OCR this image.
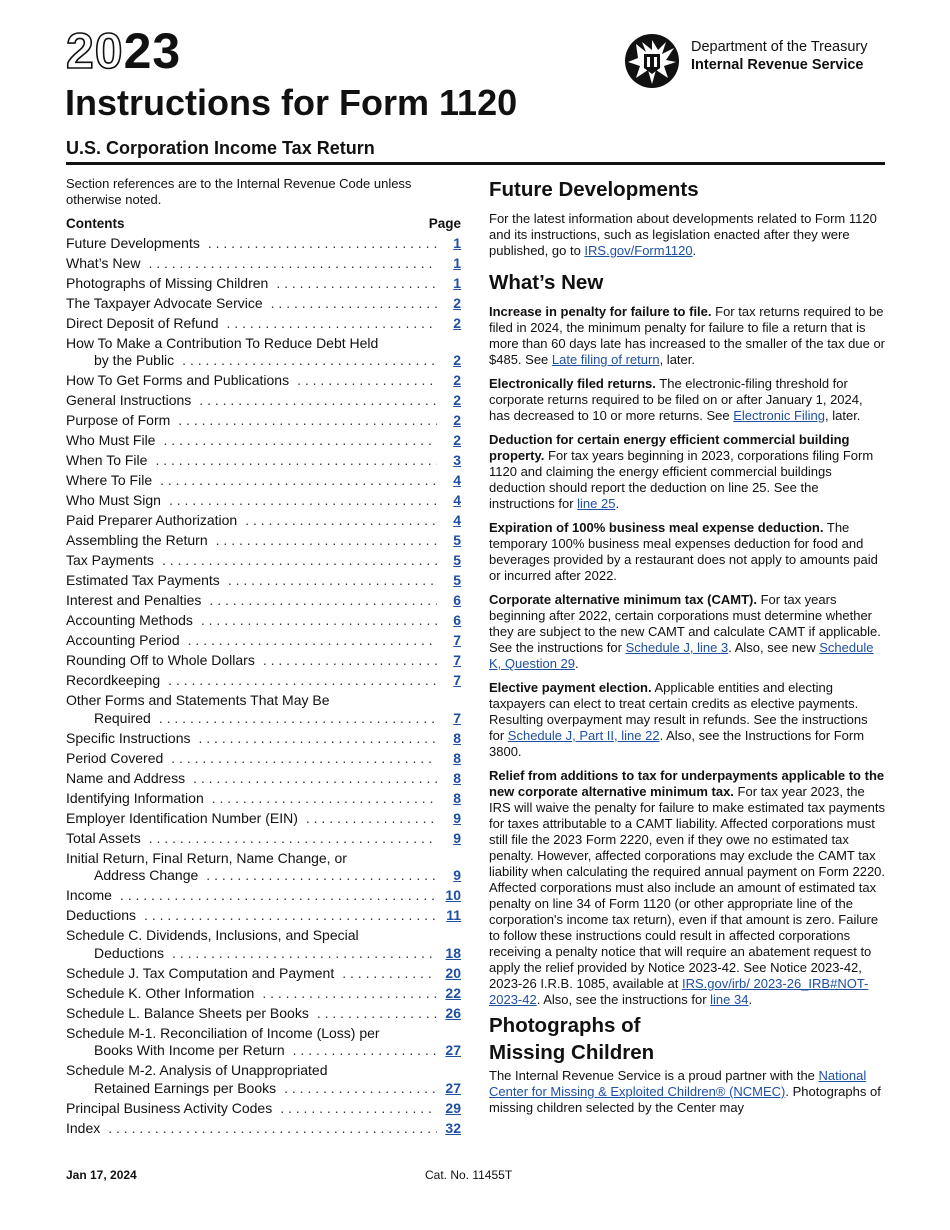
2023
Instructions for Form 1120
U.S. Corporation Income Tax Return
Department of the Treasury
Internal Revenue Service
Section references are to the Internal Revenue Code unless otherwise noted.
Contents	Page
Future Developments . . .	1
What’s New . . .	1
Photographs of Missing Children . . .	1
The Taxpayer Advocate Service . . .	2
Direct Deposit of Refund . . .	2
How To Make a Contribution To Reduce Debt Held
by the Public . . .	2
How To Get Forms and Publications . . .	2
General Instructions . . .	2
Purpose of Form . . .	2
Who Must File . . .	2
When To File . . .	3
Where To File . . .	4
Who Must Sign . . .	4
Paid Preparer Authorization . . .	4
Assembling the Return . . .	5
Tax Payments . . .	5
Estimated Tax Payments . . .	5
Interest and Penalties . . .	6
Accounting Methods . . .	6
Accounting Period . . .	7
Rounding Off to Whole Dollars . . .	7
Recordkeeping . . .	7
Other Forms and Statements That May Be
Required . . .	7
Specific Instructions . . .	8
Period Covered . . .	8
Name and Address . . .	8
Identifying Information . . .	8
Employer Identification Number (EIN) . . .	9
Total Assets . . .	9
Initial Return, Final Return, Name Change, or
Address Change . . .	9
Income . . .	10
Deductions . . .	11
Schedule C. Dividends, Inclusions, and Special
Deductions . . .	18
Schedule J. Tax Computation and Payment . . .	20
Schedule K. Other Information . . .	22
Schedule L. Balance Sheets per Books . . .	26
Schedule M-1. Reconciliation of Income (Loss) per
Books With Income per Return . . .	27
Schedule M-2. Analysis of Unappropriated
Retained Earnings per Books . . .	27
Principal Business Activity Codes . . .	29
Index . . .	32
Jan 17, 2024	Cat. No. 11455T
Future Developments

For the latest information about developments related to Form 1120 and its instructions, such as legislation enacted after they were published, go to IRS.gov/Form1120.

What’s New

Increase in penalty for failure to file. For tax returns required to be filed in 2024, the minimum penalty for failure to file a return that is more than 60 days late has increased to the smaller of the tax due or $485. See Late filing of return, later.

Electronically filed returns. The electronic-filing threshold for corporate returns required to be filed on or after January 1, 2024, has decreased to 10 or more returns. See Electronic Filing, later.

Deduction for certain energy efficient commercial building property. For tax years beginning in 2023, corporations filing Form 1120 and claiming the energy efficient commercial buildings deduction should report the deduction on line 25. See the instructions for line 25.

Expiration of 100% business meal expense deduction. The temporary 100% business meal expenses deduction for food and beverages provided by a restaurant does not apply to amounts paid or incurred after 2022.

Corporate alternative minimum tax (CAMT). For tax years beginning after 2022, certain corporations must determine whether they are subject to the new CAMT and calculate CAMT if applicable. See the instructions for Schedule J, line 3. Also, see new Schedule K, Question 29.

Elective payment election. Applicable entities and electing taxpayers can elect to treat certain credits as elective payments. Resulting overpayment may result in refunds. See the instructions for Schedule J, Part II, line 22. Also, see the Instructions for Form 3800.

Relief from additions to tax for underpayments applicable to the new corporate alternative minimum tax. For tax year 2023, the IRS will waive the penalty for failure to make estimated tax payments for taxes attributable to a CAMT liability. Affected corporations must still file the 2023 Form 2220, even if they owe no estimated tax penalty. However, affected corporations may exclude the CAMT tax liability when calculating the required annual payment on Form 2220. Affected corporations must also include an amount of estimated tax penalty on line 34 of Form 1120 (or other appropriate line of the corporation's income tax return), even if that amount is zero. Failure to follow these instructions could result in affected corporations receiving a penalty notice that will require an abatement request to apply the relief provided by Notice 2023-42. See Notice 2023-42, 2023-26 I.R.B. 1085, available at IRS.gov/irb/ 2023-26_IRB#NOT-2023-42. Also, see the instructions for line 34.

Photographs of
Missing Children

The Internal Revenue Service is a proud partner with the National Center for Missing & Exploited Children® (NCMEC). Photographs of missing children selected by the Center may
